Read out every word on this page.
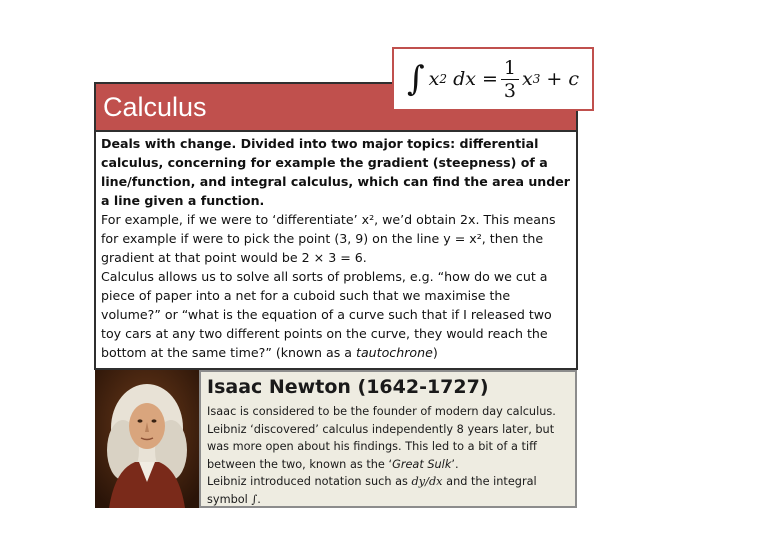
Calculus

Deals with change. Divided into two major topics: differential calculus, concerning for example the gradient (steepness) of a line/function, and integral calculus, which can find the area under a line given a function.

For example, if we were to ‘differentiate’ x², we’d obtain 2x. This means for example if were to pick the point (3, 9) on the line y = x², then the gradient at that point would be 2 × 3 = 6.

Calculus allows us to solve all sorts of problems, e.g. “how do we cut a piece of paper into a net for a cuboid such that we maximise the volume?” or “what is the equation of a curve such that if I released two toy cars at any two different points on the curve, they would reach the bottom at the same time?” (known as a tautochrone)

∫ x 2
dx = $\frac{1}{3}$ x 3
+ c
Isaac Newton (1642-1727)

Isaac is considered to be the founder of modern day calculus.

Leibniz ‘discovered’ calculus independently 8 years later, but was more open about his findings. This led to a bit of a tiff between the two, known as the ‘Great Sulk’.

Leibniz introduced notation such as dy/dx and the integral symbol ∫.
